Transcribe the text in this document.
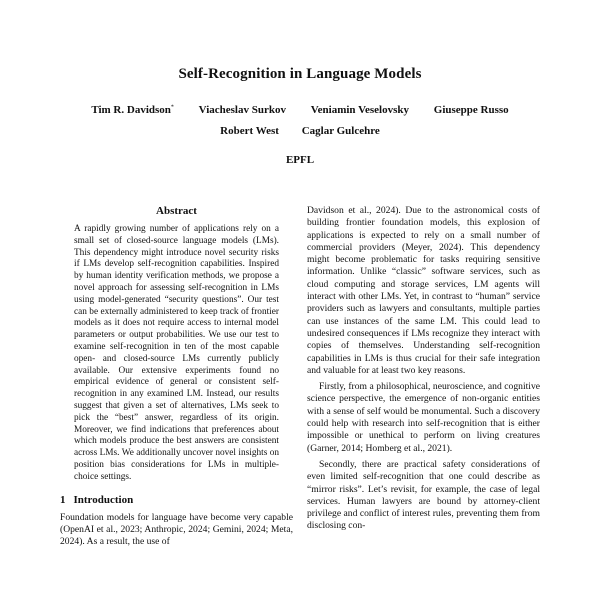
Self-Recognition in Language Models
Tim R. Davidson* Viacheslav Surkov Veniamin Veselovsky Giuseppe Russo
Robert West Caglar Gulcehre
EPFL
Abstract
A rapidly growing number of applications rely on a small set of closed-source language models (LMs). This dependency might introduce novel security risks if LMs develop self-recognition capabilities. Inspired by human identity verification methods, we propose a novel approach for assessing self-recognition in LMs using model-generated “security questions”. Our test can be externally administered to keep track of frontier models as it does not require access to internal model parameters or output probabilities. We use our test to examine self-recognition in ten of the most capable open- and closed-source LMs currently publicly available. Our extensive experiments found no empirical evidence of general or consistent self-recognition in any examined LM. Instead, our results suggest that given a set of alternatives, LMs seek to pick the “best” answer, regardless of its origin. Moreover, we find indications that preferences about which models produce the best answers are consistent across LMs. We additionally uncover novel insights on position bias considerations for LMs in multiple-choice settings.
1 Introduction

Foundation models for language have become very capable (OpenAI et al., 2023; Anthropic, 2024; Gemini, 2024; Meta, 2024). As a result, the use of

Davidson et al., 2024). Due to the astronomical costs of building frontier foundation models, this explosion of applications is expected to rely on a small number of commercial providers (Meyer, 2024). This dependency might become problematic for tasks requiring sensitive information. Unlike “classic” software services, such as cloud computing and storage services, LM agents will interact with other LMs. Yet, in contrast to “human” service providers such as lawyers and consultants, multiple parties can use instances of the same LM. This could lead to undesired consequences if LMs recognize they interact with copies of themselves. Understanding self-recognition capabilities in LMs is thus crucial for their safe integration and valuable for at least two key reasons.

Firstly, from a philosophical, neuroscience, and cognitive science perspective, the emergence of non-organic entities with a sense of self would be monumental. Such a discovery could help with research into self-recognition that is either impossible or unethical to perform on living creatures (Garner, 2014; Homberg et al., 2021).

Secondly, there are practical safety considerations of even limited self-recognition that one could describe as “mirror risks”. Let’s revisit, for example, the case of legal services. Human lawyers are bound by attorney-client privilege and conflict of interest rules, preventing them from disclosing con-
